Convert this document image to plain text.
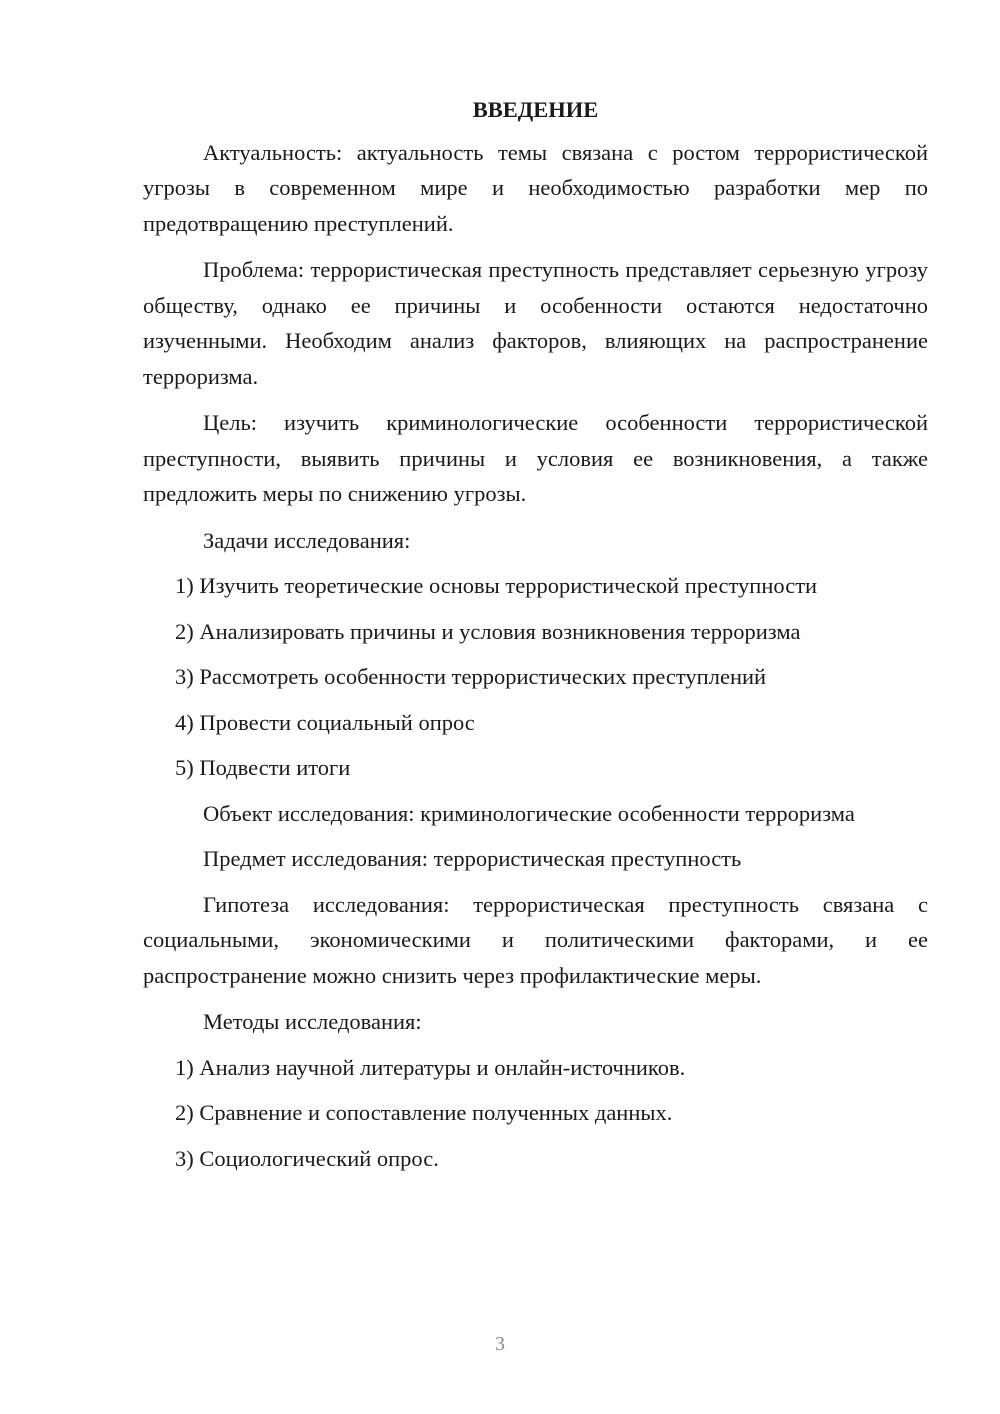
ВВЕДЕНИЕ

Актуальность: актуальность темы связана с ростом террористической угрозы в современном мире и необходимостью разработки мер по предотвращению преступлений.

Проблема: террористическая преступность представляет серьезную угрозу обществу, однако ее причины и особенности остаются недостаточно изученными. Необходим анализ факторов, влияющих на распространение терроризма.

Цель: изучить криминологические особенности террористической преступности, выявить причины и условия ее возникновения, а также предложить меры по снижению угрозы.

Задачи исследования:
1) Изучить теоретические основы террористической преступности
2) Анализировать причины и условия возникновения терроризма
3) Рассмотреть особенности террористических преступлений
4) Провести социальный опрос
5) Подвести итоги
Объект исследования: криминологические особенности терроризма
Предмет исследования: террористическая преступность

Гипотеза исследования: террористическая преступность связана с социальными, экономическими и политическими факторами, и ее распространение можно снизить через профилактические меры.

Методы исследования:
1) Анализ научной литературы и онлайн-источников.
2) Сравнение и сопоставление полученных данных.
3) Социологический опрос.
3
